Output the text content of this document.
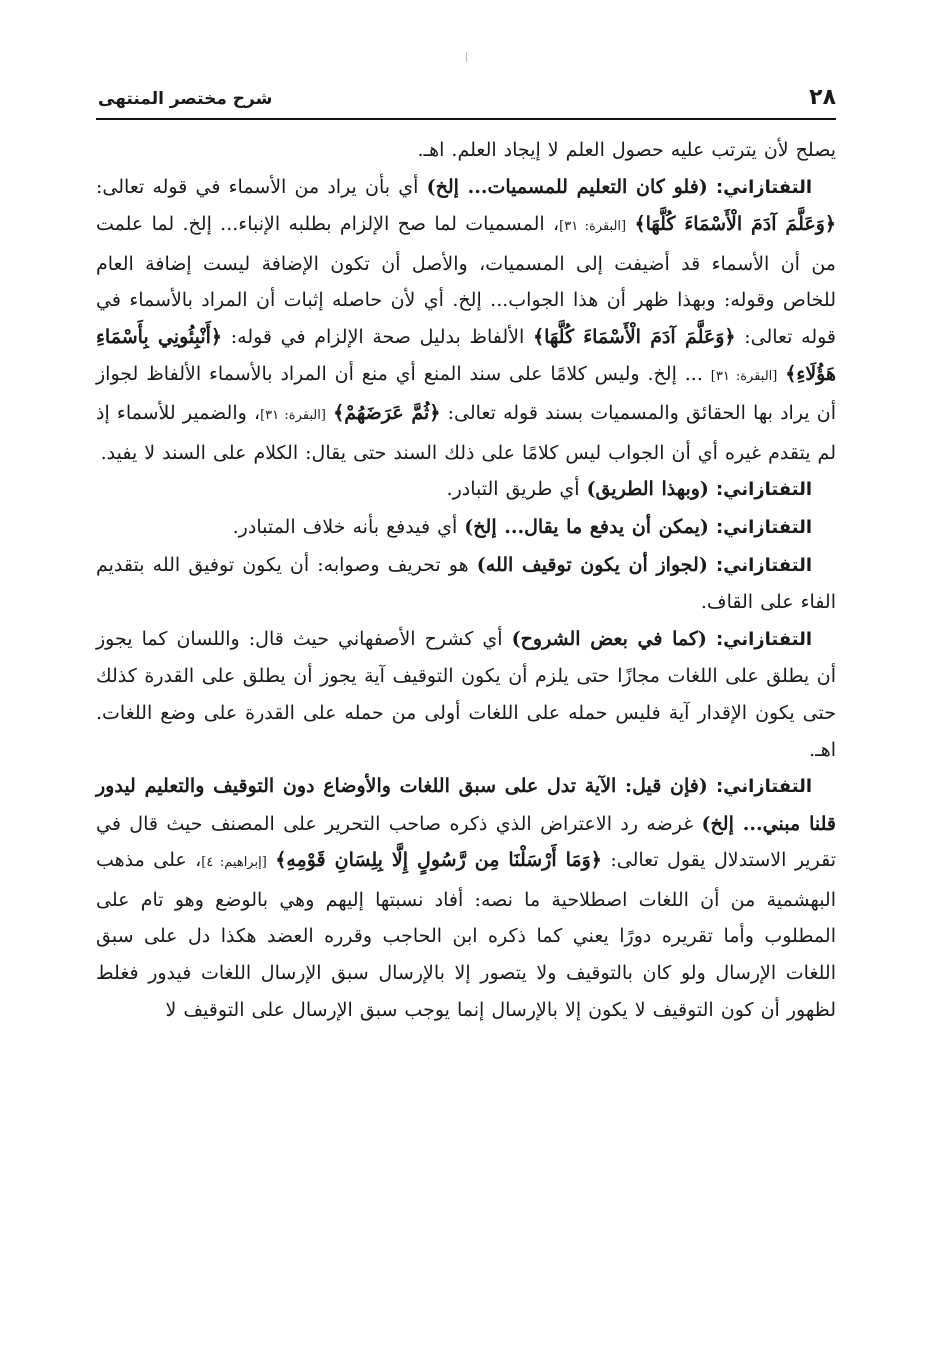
٢٨
شرح مختصر المنتهى

يصلح لأن يترتب عليه حصول العلم لا إيجاد العلم. اهـ.

التفتازاني: (فلو كان التعليم للمسميات... إلخ) أي بأن يراد من الأسماء في قوله تعالى: ﴿وَعَلَّمَ آدَمَ الْأَسْمَاءَ كُلَّهَا﴾ [البقرة: ٣١]، المسميات لما صح الإلزام بطلبه الإنباء... إلخ. لما علمت من أن الأسماء قد أضيفت إلى المسميات، والأصل أن تكون الإضافة ليست إضافة العام للخاص وقوله: وبهذا ظهر أن هذا الجواب... إلخ. أي لأن حاصله إثبات أن المراد بالأسماء في قوله تعالى: ﴿وَعَلَّمَ آدَمَ الْأَسْمَاءَ كُلَّهَا﴾ الألفاظ بدليل صحة الإلزام في قوله: ﴿أَنْبِئُونِي بِأَسْمَاءِ هَؤُلَاءِ﴾ [البقرة: ٣١] ... إلخ. وليس كلامًا على سند المنع أي منع أن المراد بالأسماء الألفاظ لجواز أن يراد بها الحقائق والمسميات بسند قوله تعالى: ﴿ثُمَّ عَرَضَهُمْ﴾ [البقرة: ٣١]، والضمير للأسماء إذ لم يتقدم غيره أي أن الجواب ليس كلامًا على ذلك السند حتى يقال: الكلام على السند لا يفيد.

التفتازاني: (وبهذا الطريق) أي طريق التبادر.

التفتازاني: (يمكن أن يدفع ما يقال... إلخ) أي فيدفع بأنه خلاف المتبادر.

التفتازاني: (لجواز أن يكون توقيف الله) هو تحريف وصوابه: أن يكون توفيق الله بتقديم الفاء على القاف.

التفتازاني: (كما في بعض الشروح) أي كشرح الأصفهاني حيث قال: واللسان كما يجوز أن يطلق على اللغات مجازًا حتى يلزم أن يكون التوقيف آية يجوز أن يطلق على القدرة كذلك حتى يكون الإقدار آية فليس حمله على اللغات أولى من حمله على القدرة على وضع اللغات. اهـ.

التفتازاني: (فإن قيل: الآية تدل على سبق اللغات والأوضاع دون التوقيف والتعليم ليدور قلنا مبني... إلخ) غرضه رد الاعتراض الذي ذكره صاحب التحرير على المصنف حيث قال في تقرير الاستدلال يقول تعالى: ﴿وَمَا أَرْسَلْنَا مِن رَّسُولٍ إِلَّا بِلِسَانِ قَوْمِهِ﴾ [إبراهيم: ٤]، على مذهب البهشمية من أن اللغات اصطلاحية ما نصه: أفاد نسبتها إليهم وهي بالوضع وهو تام على المطلوب وأما تقريره دورًا يعني كما ذكره ابن الحاجب وقرره العضد هكذا دل على سبق اللغات الإرسال ولو كان بالتوقيف ولا يتصور إلا بالإرسال سبق الإرسال اللغات فيدور فغلط لظهور أن كون التوقيف لا يكون إلا بالإرسال إنما يوجب سبق الإرسال على التوقيف لا
